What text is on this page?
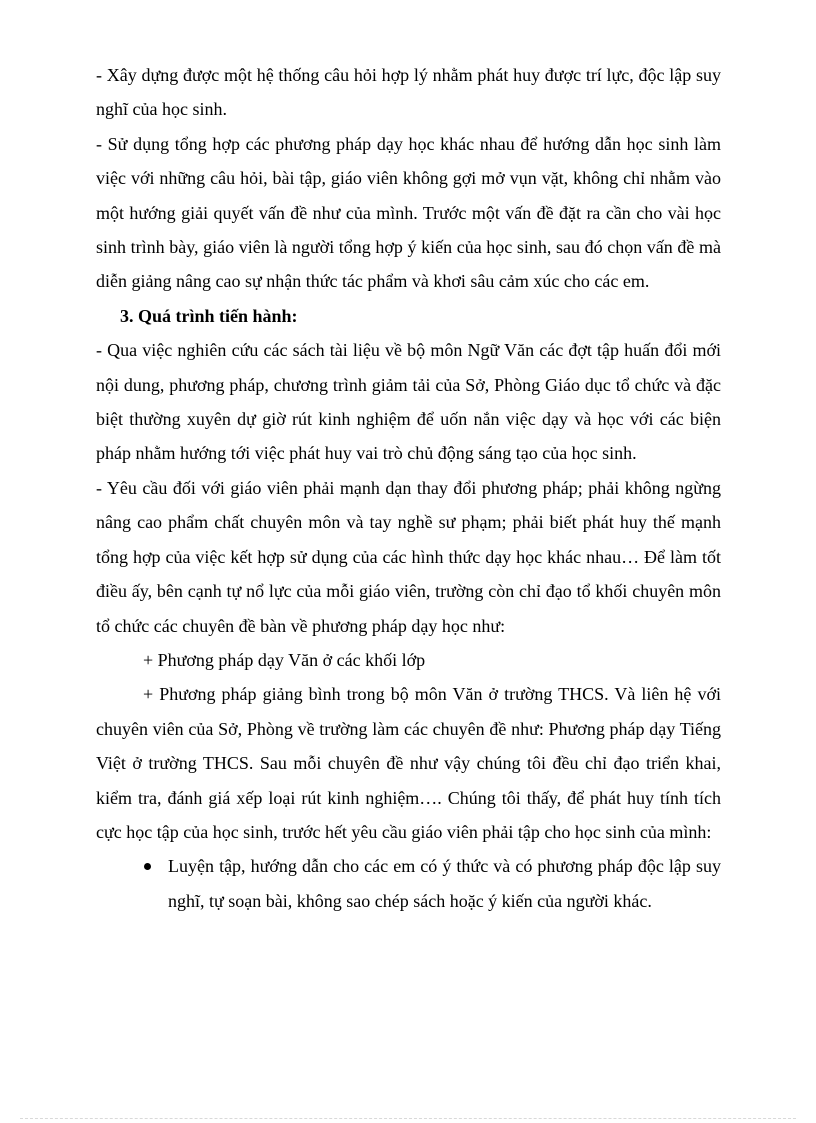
- Xây dựng được một hệ thống câu hỏi hợp lý nhằm phát huy được trí lực, độc lập suy nghĩ của học sinh.

- Sử dụng tổng hợp các phương pháp dạy học khác nhau để hướng dẫn học sinh làm việc với những câu hỏi, bài tập, giáo viên không gợi mở vụn vặt, không chỉ nhằm vào một hướng giải quyết vấn đề như của mình. Trước một vấn đề đặt ra cần cho vài học sinh trình bày, giáo viên là người tổng hợp ý kiến của học sinh, sau đó chọn vấn đề mà diễn giảng nâng cao sự nhận thức tác phẩm và khơi sâu cảm xúc cho các em.

3. Quá trình tiến hành:

- Qua việc nghiên cứu các sách tài liệu về bộ môn Ngữ Văn các đợt tập huấn đổi mới nội dung, phương pháp, chương trình giảm tải của Sở, Phòng Giáo dục tổ chức và đặc biệt thường xuyên dự giờ rút kinh nghiệm để uốn nắn việc dạy và học với các biện pháp nhằm hướng tới việc phát huy vai trò chủ động sáng tạo của học sinh.

- Yêu cầu đối với giáo viên phải mạnh dạn thay đổi phương pháp; phải không ngừng nâng cao phẩm chất chuyên môn và tay nghề sư phạm; phải biết phát huy thế mạnh tổng hợp của việc kết hợp sử dụng của các hình thức dạy học khác nhau… Để làm tốt điều ấy, bên cạnh tự nổ lực của mỗi giáo viên, trường còn chỉ đạo tổ khối chuyên môn tổ chức các chuyên đề bàn về phương pháp dạy học như:

+ Phương pháp dạy Văn ở các khối lớp

+ Phương pháp giảng bình trong bộ môn Văn ở trường THCS. Và liên hệ với chuyên viên của Sở, Phòng về trường làm các chuyên đề như: Phương pháp dạy Tiếng Việt ở trường THCS. Sau mỗi chuyên đề như vậy chúng tôi đều chỉ đạo triển khai, kiểm tra, đánh giá xếp loại rút kinh nghiệm…. Chúng tôi thấy, để phát huy tính tích cực học tập của học sinh, trước hết yêu cầu giáo viên phải tập cho học sinh của mình:

Luyện tập, hướng dẫn cho các em có ý thức và có phương pháp độc lập suy nghĩ, tự soạn bài, không sao chép sách hoặc ý kiến của người khác.
